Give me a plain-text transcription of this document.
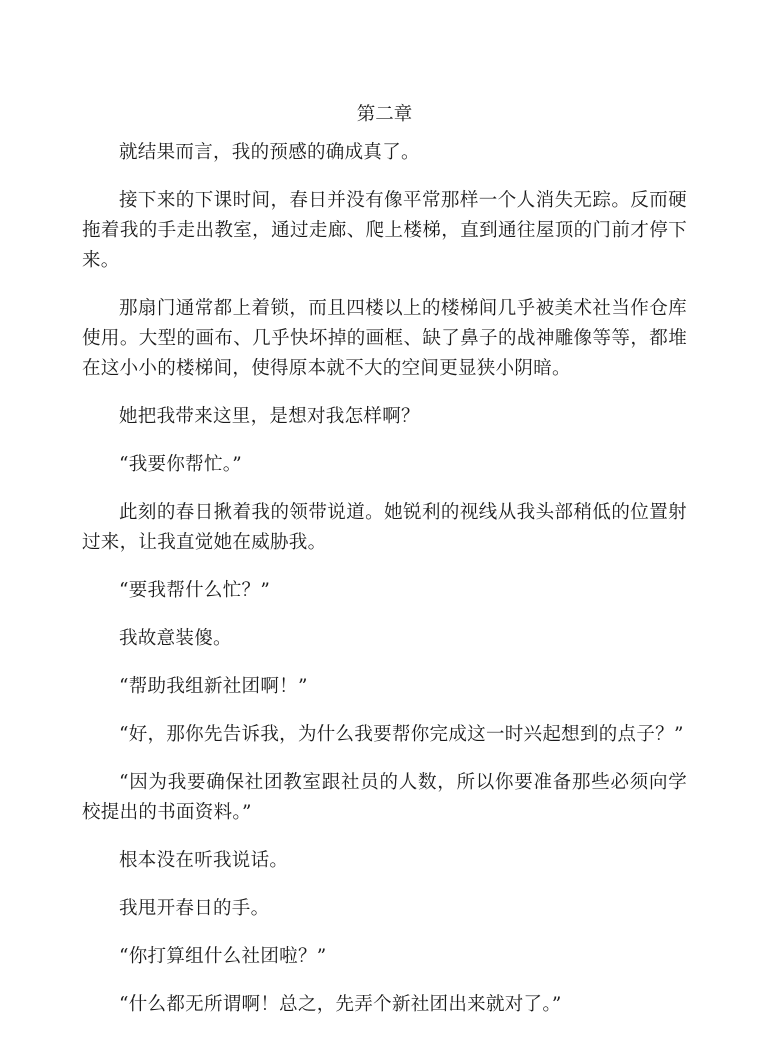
第二章

就结果而言，我的预感的确成真了。

接下来的下课时间，春日并没有像平常那样一个人消失无踪。反而硬拖着我的手走出教室，通过走廊、爬上楼梯，直到通往屋顶的门前才停下来。

那扇门通常都上着锁，而且四楼以上的楼梯间几乎被美术社当作仓库使用。大型的画布、几乎快坏掉的画框、缺了鼻子的战神雕像等等，都堆在这小小的楼梯间，使得原本就不大的空间更显狭小阴暗。

她把我带来这里，是想对我怎样啊？

“我要你帮忙。”

此刻的春日揪着我的领带说道。她锐利的视线从我头部稍低的位置射过来，让我直觉她在威胁我。

“要我帮什么忙？”

我故意装傻。

“帮助我组新社团啊！”

“好，那你先告诉我，为什么我要帮你完成这一时兴起想到的点子？”

“因为我要确保社团教室跟社员的人数，所以你要准备那些必须向学校提出的书面资料。”

根本没在听我说话。

我甩开春日的手。

“你打算组什么社团啦？”

“什么都无所谓啊！总之，先弄个新社团出来就对了。”
